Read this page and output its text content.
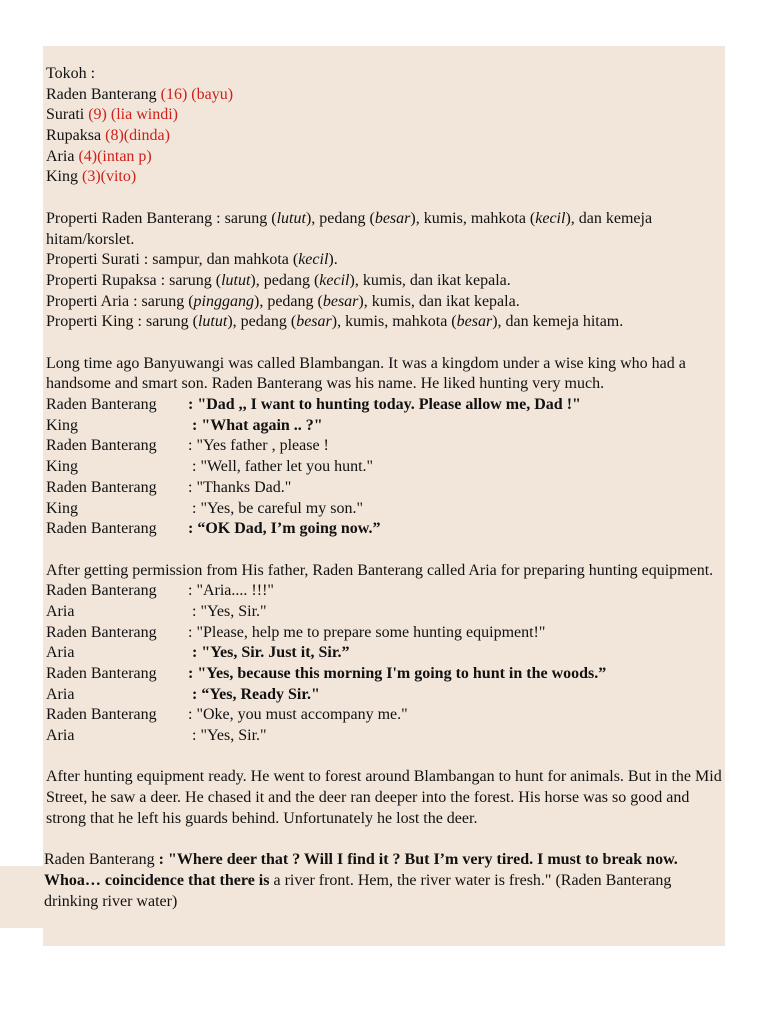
Tokoh :
Raden Banterang (16) (bayu)
Surati (9) (lia windi)
Rupaksa (8)(dinda)
Aria (4)(intan p)
King (3)(vito)
Properti Raden Banterang : sarung (lutut), pedang (besar), kumis, mahkota (kecil), dan kemeja hitam/korslet.
Properti Surati : sampur, dan mahkota (kecil).
Properti Rupaksa : sarung (lutut), pedang (kecil), kumis, dan ikat kepala.
Properti Aria : sarung (pinggang), pedang (besar), kumis, dan ikat kepala.
Properti King : sarung (lutut), pedang (besar), kumis, mahkota (besar), dan kemeja hitam.
Long time ago Banyuwangi was called Blambangan. It was a kingdom under a wise king who had a handsome and smart son. Raden Banterang was his name. He liked hunting very much.
Raden Banterang : "Dad ,, I want to hunting today. Please allow me, Dad !"
King	: "What again .. ?"
Raden Banterang : "Yes father , please !
King	: "Well, father let you hunt."
Raden Banterang : "Thanks Dad."
King	: "Yes, be careful my son."
Raden Banterang : “OK Dad, I’m going now.”
After getting permission from His father, Raden Banterang called Aria for preparing hunting equipment.
Raden Banterang : "Aria.... !!!"
Aria	: "Yes, Sir."
Raden Banterang : "Please, help me to prepare some hunting equipment!"
Aria	: "Yes, Sir. Just it, Sir.”
Raden Banterang : "Yes, because this morning I'm going to hunt in the woods.”
Aria	: “Yes, Ready Sir."
Raden Banterang : "Oke, you must accompany me."
Aria	: "Yes, Sir."
After hunting equipment ready. He went to forest around Blambangan to hunt for animals. But in the Mid Street, he saw a deer. He chased it and the deer ran deeper into the forest. His horse was so good and strong that he left his guards behind. Unfortunately he lost the deer.
Raden Banterang : "Where deer that ? Will I find it ? But I’m very tired. I must to break now. Whoa… coincidence that there is a river front. Hem, the river water is fresh." (Raden Banterang drinking river water)
